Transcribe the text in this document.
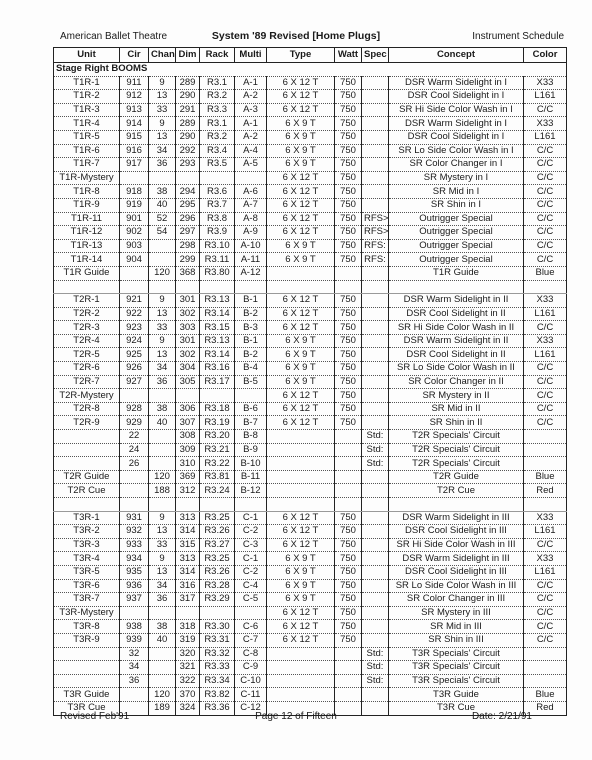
American Ballet Theatre	System '89 Revised [Home Plugs]	Instrument Schedule
Unit	Cir	Chan	Dim	Rack	Multi	Type	Watt	Spec	Concept	Color
Stage Right BOOMS										
T1R-1	911	9	289	R3.1	A-1	6 X 12 T	750		DSR Warm Sidelight in I	X33
T1R-2	912	13	290	R3.2	A-2	6 X 12 T	750		DSR Cool Sidelight in I	L161
T1R-3	913	33	291	R3.3	A-3	6 X 12 T	750		SR Hi Side Color Wash in I	C/C
T1R-4	914	9	289	R3.1	A-1	6 X 9 T	750		DSR Warm Sidelight in I	X33
T1R-5	915	13	290	R3.2	A-2	6 X 9 T	750		DSR Cool Sidelight in I	L161
T1R-6	916	34	292	R3.4	A-4	6 X 9 T	750		SR Lo Side Color Wash in I	C/C
T1R-7	917	36	293	R3.5	A-5	6 X 9 T	750		SR Color Changer in I	C/C
T1R-Mystery						6 X 12 T	750		SR Mystery in I	C/C
T1R-8	918	38	294	R3.6	A-6	6 X 12 T	750		SR Mid in I	C/C
T1R-9	919	40	295	R3.7	A-7	6 X 12 T	750		SR Shin in I	C/C
T1R-11	901	52	296	R3.8	A-8	6 X 12 T	750	RFS>	Outrigger Special	C/C
T1R-12	902	54	297	R3.9	A-9	6 X 12 T	750	RFS>	Outrigger Special	C/C
T1R-13	903		298	R3.10	A-10	6 X 9 T	750	RFS:	Outrigger Special	C/C
T1R-14	904		299	R3.11	A-11	6 X 9 T	750	RFS:	Outrigger Special	C/C
T1R Guide		120	368	R3.80	A-12				T1R Guide	Blue

T2R-1	921	9	301	R3.13	B-1	6 X 12 T	750		DSR Warm Sidelight in II	X33
T2R-2	922	13	302	R3.14	B-2	6 X 12 T	750		DSR Cool Sidelight in II	L161
T2R-3	923	33	303	R3.15	B-3	6 X 12 T	750		SR Hi Side Color Wash in II	C/C
T2R-4	924	9	301	R3.13	B-1	6 X 9 T	750		DSR Warm Sidelight in II	X33
T2R-5	925	13	302	R3.14	B-2	6 X 9 T	750		DSR Cool Sidelight in II	L161
T2R-6	926	34	304	R3.16	B-4	6 X 9 T	750		SR Lo Side Color Wash in II	C/C
T2R-7	927	36	305	R3.17	B-5	6 X 9 T	750		SR Color Changer in II	C/C
T2R-Mystery						6 X 12 T	750		SR Mystery in II	C/C
T2R-8	928	38	306	R3.18	B-6	6 X 12 T	750		SR Mid in II	C/C
T2R-9	929	40	307	R3.19	B-7	6 X 12 T	750		SR Shin in II	C/C
	22		308	R3.20	B-8			Std:	T2R Specials' Circuit	
	24		309	R3.21	B-9			Std:	T2R Specials' Circuit	
	26		310	R3.22	B-10			Std:	T2R Specials' Circuit	
T2R Guide		120	369	R3.81	B-11				T2R Guide	Blue
T2R Cue		188	312	R3.24	B-12				T2R Cue	Red

T3R-1	931	9	313	R3.25	C-1	6 X 12 T	750		DSR Warm Sidelight in III	X33
T3R-2	932	13	314	R3.26	C-2	6 X 12 T	750		DSR Cool Sidelight in III	L161
T3R-3	933	33	315	R3.27	C-3	6 X 12 T	750		SR Hi Side Color Wash in III	C/C
T3R-4	934	9	313	R3.25	C-1	6 X 9 T	750		DSR Warm Sidelight in III	X33
T3R-5	935	13	314	R3.26	C-2	6 X 9 T	750		DSR Cool Sidelight in III	L161
T3R-6	936	34	316	R3.28	C-4	6 X 9 T	750		SR Lo Side Color Wash in III	C/C
T3R-7	937	36	317	R3.29	C-5	6 X 9 T	750		SR Color Changer in III	C/C
T3R-Mystery						6 X 12 T	750		SR Mystery in III	C/C
T3R-8	938	38	318	R3.30	C-6	6 X 12 T	750		SR Mid in III	C/C
T3R-9	939	40	319	R3.31	C-7	6 X 12 T	750		SR Shin in III	C/C
	32		320	R3.32	C-8			Std:	T3R Specials' Circuit	
	34		321	R3.33	C-9			Std:	T3R Specials' Circuit	
	36		322	R3.34	C-10			Std:	T3R Specials' Circuit	
T3R Guide		120	370	R3.82	C-11				T3R Guide	Blue
T3R Cue		189	324	R3.36	C-12				T3R Cue	Red
Revised Feb'91	Page 12 of Fifteen	Date: 2/21/91
